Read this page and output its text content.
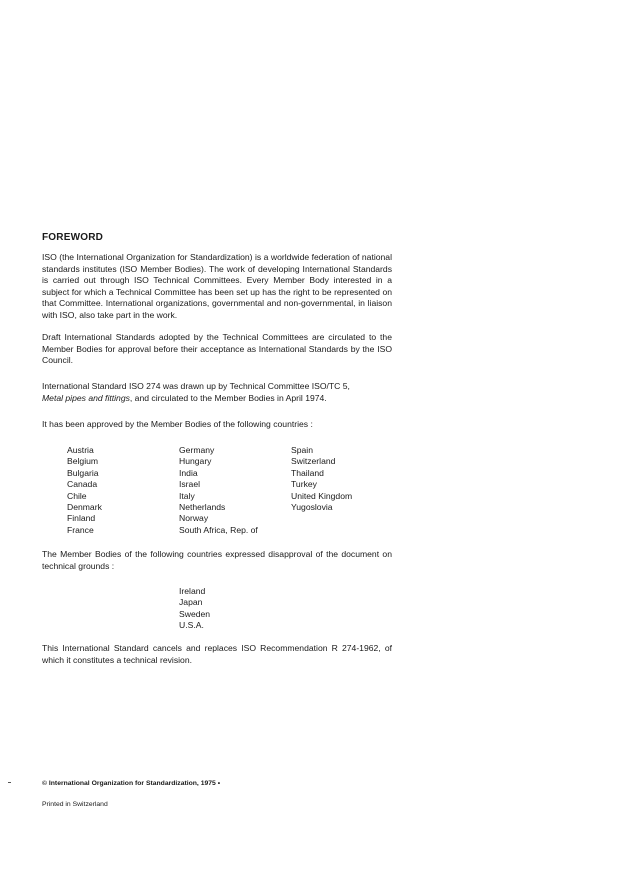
FOREWORD

ISO (the International Organization for Standardization) is a worldwide federation of national standards institutes (ISO Member Bodies). The work of developing International Standards is carried out through ISO Technical Committees. Every Member Body interested in a subject for which a Technical Committee has been set up has the right to be represented on that Committee. International organizations, governmental and non-governmental, in liaison with ISO, also take part in the work.

Draft International Standards adopted by the Technical Committees are circulated to the Member Bodies for approval before their acceptance as International Standards by the ISO Council.

International Standard ISO 274 was drawn up by Technical Committee ISO/TC 5,
Metal pipes and fittings, and circulated to the Member Bodies in April 1974.

It has been approved by the Member Bodies of the following countries :

Austria
Belgium
Bulgaria
Canada
Chile
Denmark
Finland
France
Germany
Hungary
India
Israel
Italy
Netherlands
Norway
South Africa, Rep. of
Spain
Switzerland
Thailand
Turkey
United Kingdom
Yugoslovia

The Member Bodies of the following countries expressed disapproval of the document on technical grounds :

Ireland
Japan
Sweden
U.S.A.

This International Standard cancels and replaces ISO Recommendation R 274-1962, of which it constitutes a technical revision.

© International Organization for Standardization, 1975 •
Printed in Switzerland
